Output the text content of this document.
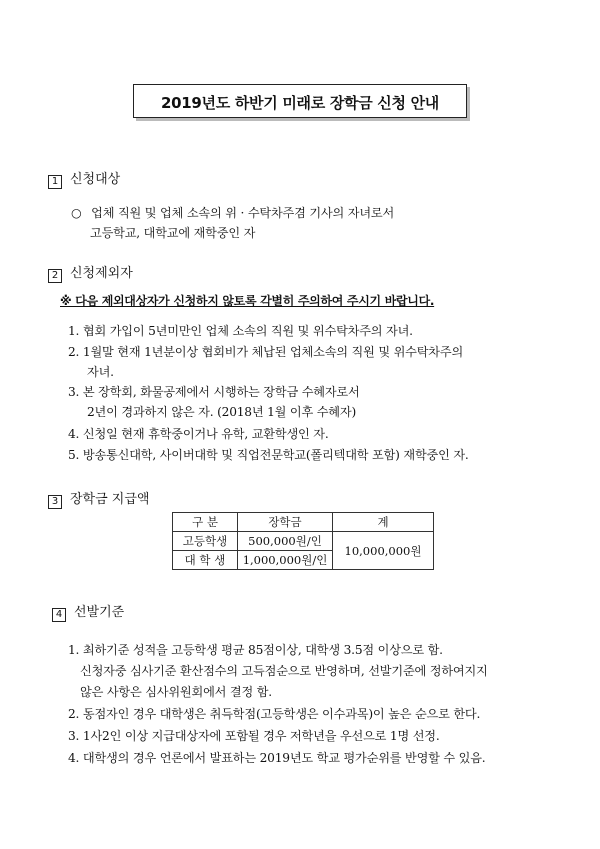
2019년도 하반기 미래로 장학금 신청 안내
1 신청대상
○ 업체 직원 및 업체 소속의 위 · 수탁차주겸 기사의 자녀로서
고등학교, 대학교에 재학중인 자
2 신청제외자
※ 다음 제외대상자가 신청하지 않토록 각별히 주의하여 주시기 바랍니다.
1. 협회 가입이 5년미만인 업체 소속의 직원 및 위수탁차주의 자녀.
2. 1월말 현재 1년분이상 협회비가 체납된 업체소속의 직원 및 위수탁차주의
자녀.
3. 본 장학회, 화물공제에서 시행하는 장학금 수혜자로서
2년이 경과하지 않은 자. (2018년 1월 이후 수혜자)
4. 신청일 현재 휴학중이거나 유학, 교환학생인 자.
5. 방송통신대학, 사이버대학 및 직업전문학교(폴리텍대학 포함) 재학중인 자.
3 장학금 지급액
구 분	장학금	계
고등학생	500,000원/인	10,000,000원
대 학 생	1,000,000원/인	
4 선발기준
1. 최하기준 성적을 고등학생 평균 85점이상, 대학생 3.5점 이상으로 함.
신청자중 심사기준 환산점수의 고득점순으로 반영하며, 선발기준에 정하여지지
않은 사항은 심사위원회에서 결정 함.
2. 동점자인 경우 대학생은 취득학점(고등학생은 이수과목)이 높은 순으로 한다.
3. 1사2인 이상 지급대상자에 포함될 경우 저학년을 우선으로 1명 선정.
4. 대학생의 경우 언론에서 발표하는 2019년도 학교 평가순위를 반영할 수 있음.
